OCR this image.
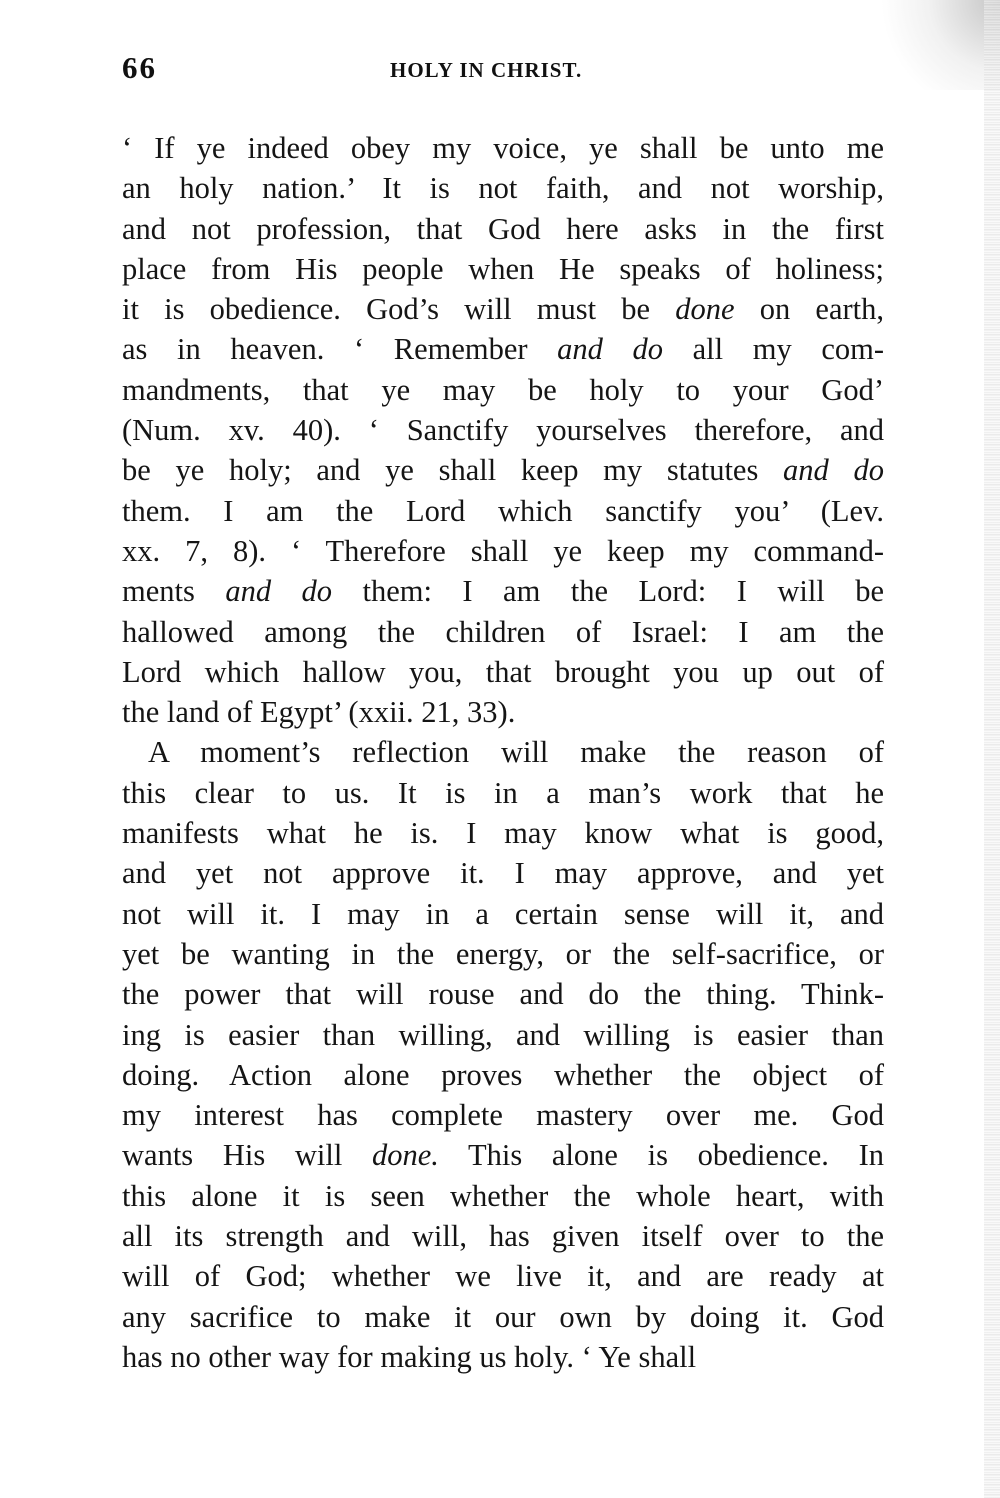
66	HOLY IN CHRIST.
‘ If ye indeed obey my voice, ye shall be unto me
an holy nation.’ It is not faith, and not worship,
and not profession, that God here asks in the first
place from His people when He speaks of holiness;
it is obedience. God’s will must be done on earth,
as in heaven. ‘ Remember and do all my com-
mandments, that ye may be holy to your God’
(Num. xv. 40). ‘ Sanctify yourselves therefore, and
be ye holy; and ye shall keep my statutes and do
them. I am the Lord which sanctify you’ (Lev.
xx. 7, 8). ‘ Therefore shall ye keep my command-
ments and do them: I am the Lord: I will be
hallowed among the children of Israel: I am the
Lord which hallow you, that brought you up out of
the land of Egypt’ (xxii. 21, 33).
A moment’s reflection will make the reason of
this clear to us. It is in a man’s work that he
manifests what he is. I may know what is good,
and yet not approve it. I may approve, and yet
not will it. I may in a certain sense will it, and
yet be wanting in the energy, or the self-sacrifice, or
the power that will rouse and do the thing. Think-
ing is easier than willing, and willing is easier than
doing. Action alone proves whether the object of
my interest has complete mastery over me. God
wants His will done. This alone is obedience. In
this alone it is seen whether the whole heart, with
all its strength and will, has given itself over to the
will of God; whether we live it, and are ready at
any sacrifice to make it our own by doing it. God
has no other way for making us holy. ‘ Ye shall
